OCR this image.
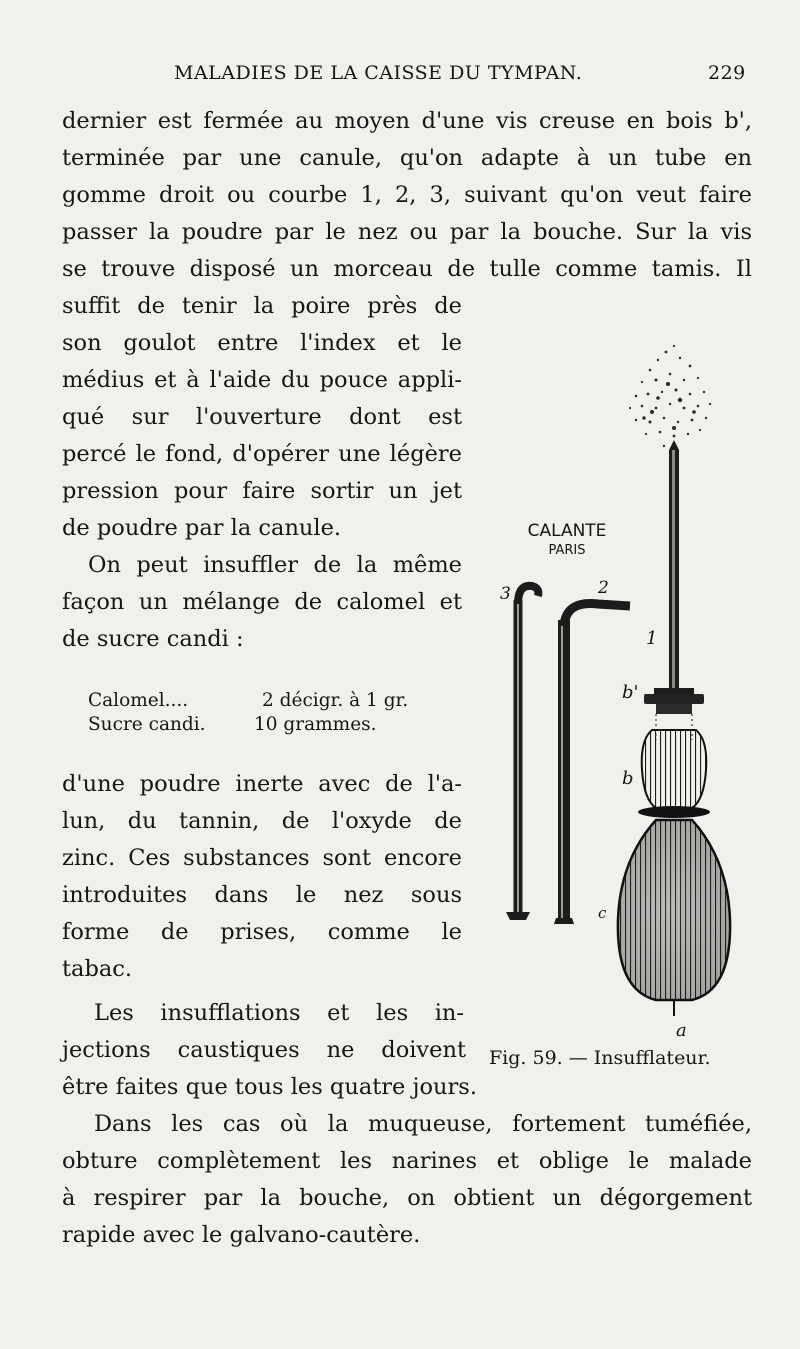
MALADIES DE LA CAISSE DU TYMPAN.	229
dernier est fermée au moyen d'une vis creuse en bois b',
terminée par une canule, qu'on adapte à un tube en
gomme droit ou courbe 1, 2, 3, suivant qu'on veut faire
passer la poudre par le nez ou par la bouche. Sur la vis
se trouve disposé un morceau de tulle comme tamis. Il
suffit de tenir la poire près de
son goulot entre l'index et le
médius et à l'aide du pouce appli-
qué sur l'ouverture dont est
percé le fond, d'opérer une légère
pression pour faire sortir un jet
de poudre par la canule.
On peut insuffler de la même
façon un mélange de calomel et
de sucre candi :
Calomel....	2 décigr. à 1 gr.
Sucre candi.	10 grammes.
d'une poudre inerte avec de l'a-
lun, du tannin, de l'oxyde de
zinc. Ces substances sont encore
introduites dans le nez sous
forme de prises, comme le
tabac.
Les insufflations et les in-
jections caustiques ne doivent
être faites que tous les quatre jours.
Dans les cas où la muqueuse, fortement tuméfiée,
obture complètement les narines et oblige le malade
à respirer par la bouche, on obtient un dégorgement
rapide avec le galvano-cautère.
CALANTE
PARIS
3	2
1
b'
b
c
a
Fig. 59. — Insufflateur.
